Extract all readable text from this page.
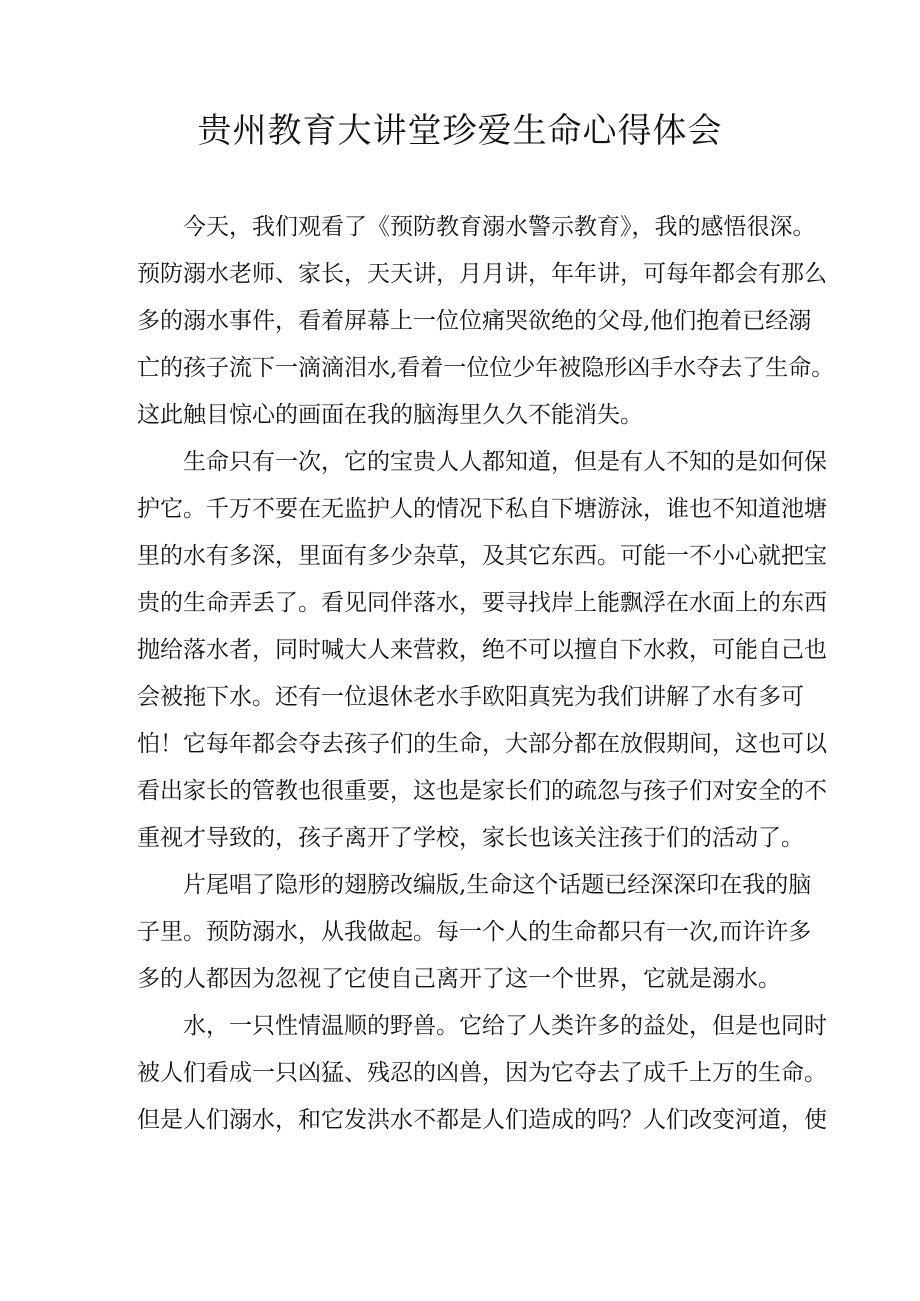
贵州教育大讲堂珍爱生命心得体会
今天，我们观看了《预防教育溺水警示教育》，我的感悟很深。
预防溺水老师、家长，天天讲，月月讲，年年讲，可每年都会有那么
多的溺水事件，看着屏幕上一位位痛哭欲绝的父母,他们抱着已经溺
亡的孩子流下一滴滴泪水,看着一位位少年被隐形凶手水夺去了生命。
这此触目惊心的画面在我的脑海里久久不能消失。
生命只有一次，它的宝贵人人都知道，但是有人不知的是如何保
护它。千万不要在无监护人的情况下私自下塘游泳，谁也不知道池塘
里的水有多深，里面有多少杂草，及其它东西。可能一不小心就把宝
贵的生命弄丢了。看见同伴落水，要寻找岸上能飘浮在水面上的东西
抛给落水者，同时喊大人来营救，绝不可以擅自下水救，可能自己也
会被拖下水。还有一位退休老水手欧阳真宪为我们讲解了水有多可
怕！它每年都会夺去孩子们的生命，大部分都在放假期间，这也可以
看出家长的管教也很重要，这也是家长们的疏忽与孩子们对安全的不
重视才导致的，孩子离开了学校，家长也该关注孩于们的活动了。
片尾唱了隐形的翅膀改编版,生命这个话题已经深深印在我的脑
子里。预防溺水，从我做起。每一个人的生命都只有一次,而许许多
多的人都因为忽视了它使自己离开了这一个世界，它就是溺水。
水，一只性情温顺的野兽。它给了人类许多的益处，但是也同时
被人们看成一只凶猛、残忍的凶兽，因为它夺去了成千上万的生命。
但是人们溺水，和它发洪水不都是人们造成的吗？人们改变河道，使
